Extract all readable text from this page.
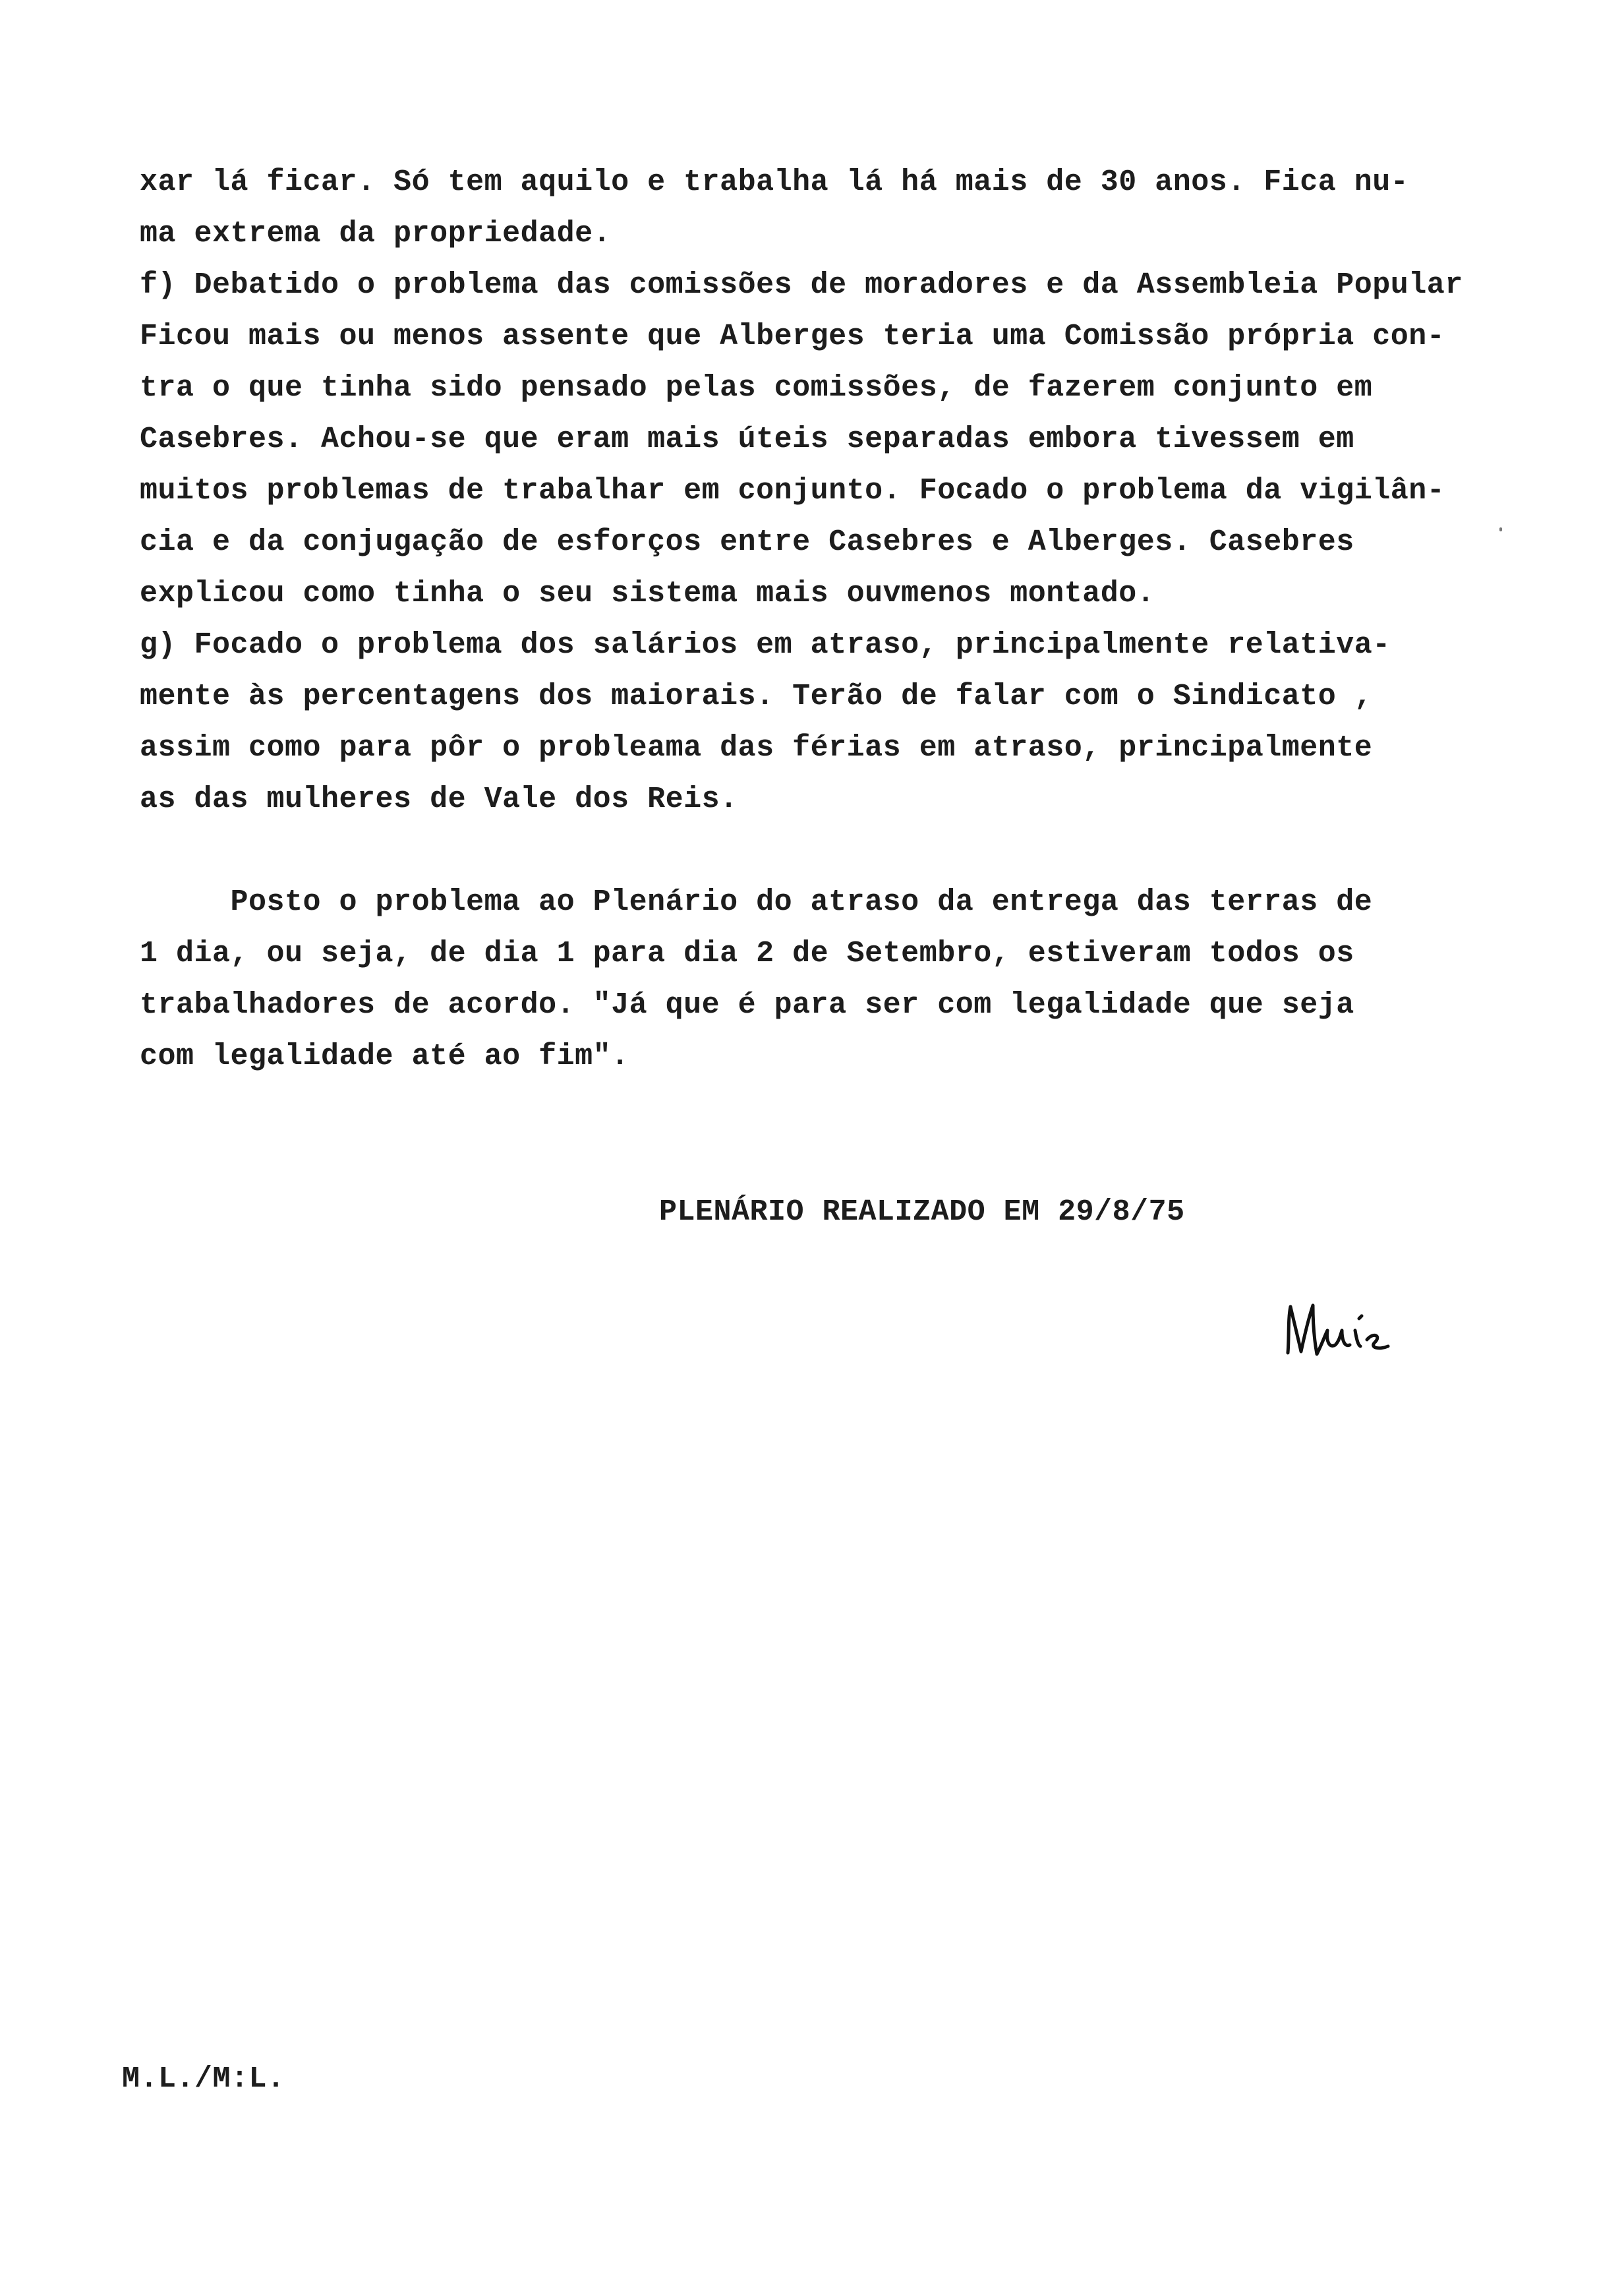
xar lá ficar. Só tem aquilo e trabalha lá há mais de 30 anos. Fica nu-
ma extrema da propriedade.
f) Debatido o problema das comissões de moradores e da Assembleia Popular
Ficou mais ou menos assente que Alberges teria uma Comissão própria con-
tra o que tinha sido pensado pelas comissões, de fazerem conjunto em
Casebres. Achou-se que eram mais úteis separadas embora tivessem em
muitos problemas de trabalhar em conjunto. Focado o problema da vigilân-
cia e da conjugação de esforços entre Casebres e Alberges. Casebres
explicou como tinha o seu sistema mais ouvmenos montado.
g) Focado o problema dos salários em atraso, principalmente relativa-
mente às percentagens dos maiorais. Terão de falar com o Sindicato ,
assim como para pôr o probleama das férias em atraso, principalmente
as das mulheres de Vale dos Reis.
Posto o problema ao Plenário do atraso da entrega das terras de
1 dia, ou seja, de dia 1 para dia 2 de Setembro, estiveram todos os
trabalhadores de acordo. "Já que é para ser com legalidade que seja
com legalidade até ao fim".
PLENÁRIO REALIZADO EM 29/8/75
M.L./M:L.
